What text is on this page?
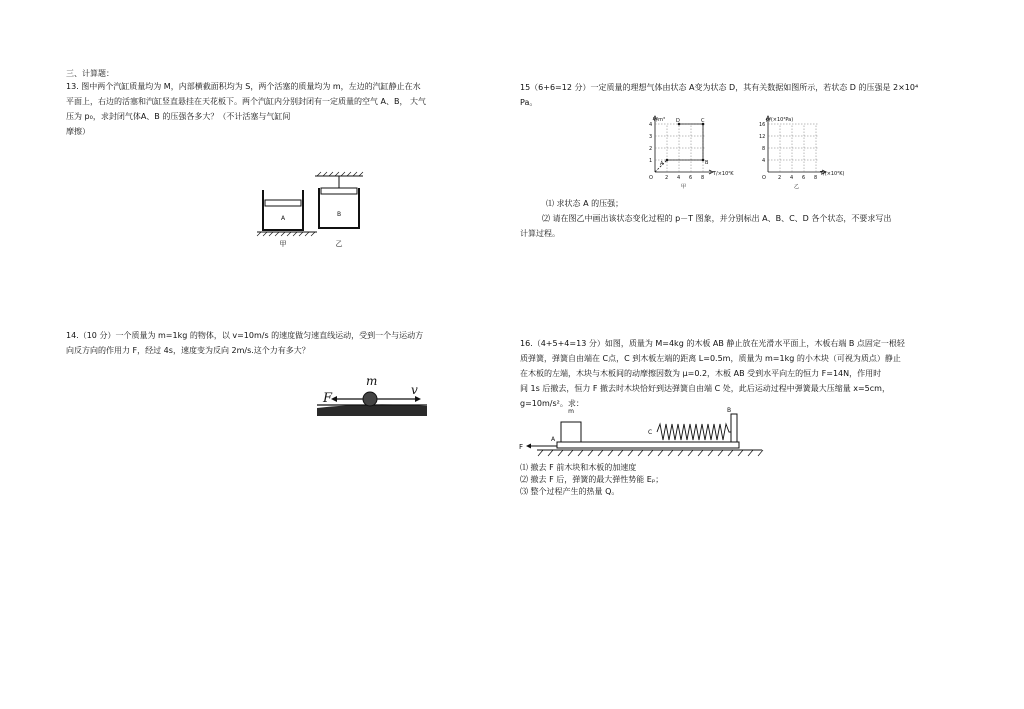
三、计算题：

13. 图中两个汽缸质量均为 M，内部横截面积均为 S，两个活塞的质量均为 m，左边的汽缸静止在水

平面上，右边的活塞和汽缸竖直悬挂在天花板下。两个汽缸内分别封闭有一定质量的空气 A、B， 大气

压为 p₀，求封闭气体A、B 的压强各多大？（不计活塞与气缸间

摩擦）

A
甲
B
乙

14.（10 分）一个质量为 m=1kg 的物体，以 v=10m/s 的速度做匀速直线运动，受到一个与运动方

向反方向的作用力 F，经过 4s，速度变为反向 2m/s.这个力有多大？

F
m
v

15（6+6=12 分）一定质量的理想气体由状态 A变为状态 D，其有关数据如图所示，若状态 D 的压强是 2×10⁴

Pa。

V/m³
T/×10²K
4
3
2
1
O 2 4 6 8
A	B
C
D
甲
p/(×10⁴Pa)
T/(×10²K)
16
12
8
4
O 2 4 6 8
乙

⑴ 求状态 A 的压强；

⑵ 请在图乙中画出该状态变化过程的 p－T 图象，并分别标出 A、B、C、D 各个状态，不要求写出

计算过程。

16.（4+5+4=13 分）如图，质量为 M=4kg 的木板 AB 静止放在光滑水平面上，木板右端 B 点固定一根轻

质弹簧，弹簧自由端在 C点，C 到木板左端的距离 L=0.5m，质量为 m=1kg 的小木块（可视为质点）静止

在木板的左端，木块与木板间的动摩擦因数为 μ=0.2，木板 AB 受到水平向左的恒力 F=14N，作用时

间 1s 后撤去，恒力 F 撤去时木块恰好到达弹簧自由端 C 处，此后运动过程中弹簧最大压缩量 x=5cm，

g=10m/s²。求：

m
C
B
A
F

⑴ 撤去 F 前木块和木板的加速度

⑵ 撤去 F 后，弹簧的最大弹性势能 Eₚ；

⑶ 整个过程产生的热量 Q。
